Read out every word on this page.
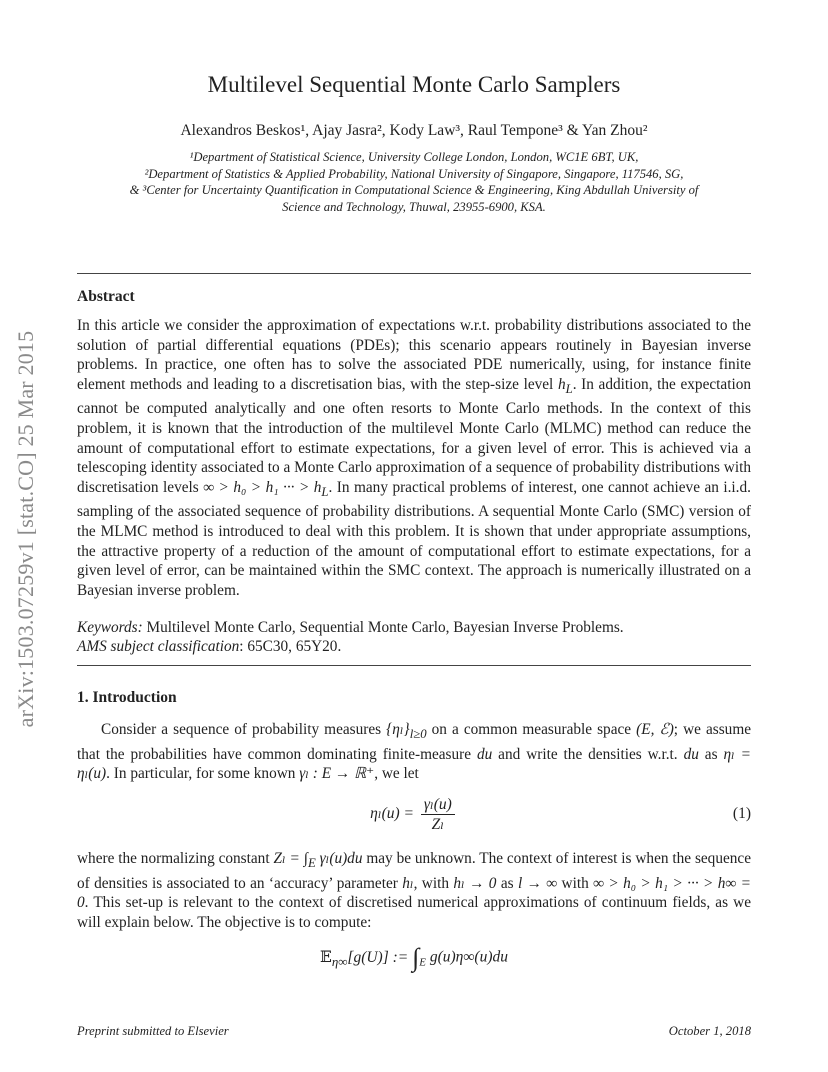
arXiv:1503.07259v1 [stat.CO] 25 Mar 2015
Multilevel Sequential Monte Carlo Samplers
Alexandros Beskos¹, Ajay Jasra², Kody Law³, Raul Tempone³ & Yan Zhou²
¹Department of Statistical Science, University College London, London, WC1E 6BT, UK,
²Department of Statistics & Applied Probability, National University of Singapore, Singapore, 117546, SG,
& ³Center for Uncertainty Quantification in Computational Science & Engineering, King Abdullah University of
Science and Technology, Thuwal, 23955-6900, KSA.
Abstract

In this article we consider the approximation of expectations w.r.t. probability distributions associated to the solution of partial differential equations (PDEs); this scenario appears routinely in Bayesian inverse problems. In practice, one often has to solve the associated PDE numerically, using, for instance finite element methods and leading to a discretisation bias, with the step-size level $h_L$. In addition, the expectation cannot be computed analytically and one often resorts to Monte Carlo methods. In the context of this problem, it is known that the introduction of the multilevel Monte Carlo (MLMC) method can reduce the amount of computational effort to estimate expectations, for a given level of error. This is achieved via a telescoping identity associated to a Monte Carlo approximation of a sequence of probability distributions with discretisation levels ∞ > h₀ > h₁ ··· > $h_L$. In many practical problems of interest, one cannot achieve an i.i.d. sampling of the associated sequence of probability distributions. A sequential Monte Carlo (SMC) version of the MLMC method is introduced to deal with this problem. It is shown that under appropriate assumptions, the attractive property of a reduction of the amount of computational effort to estimate expectations, for a given level of error, can be maintained within the SMC context. The approach is numerically illustrated on a Bayesian inverse problem.

Keywords: Multilevel Monte Carlo, Sequential Monte Carlo, Bayesian Inverse Problems.
AMS subject classification: 65C30, 65Y20.
1. Introduction

Consider a sequence of probability measures $\{\eta_l\}_{l\ge 0}$ on a common measurable space (E, ℰ); we assume that the probabilities have common dominating finite-measure du and write the densities w.r.t. du as ηₗ = ηₗ(u). In particular, for some known γₗ : E → ℝ⁺, we let

$\eta_l(u) = \frac{\text{γₗ(u)}}{\text{Zₗ}}$	(1)

where the normalizing constant $Z_l = \int_E$ γₗ(u)du may be unknown. The context of interest is when the sequence of densities is associated to an ‘accuracy’ parameter hₗ, with hₗ → 0 as l → ∞ with ∞ > h₀ > h₁ > ··· > h∞ = 0. This set-up is relevant to the context of discretised numerical approximations of continuum fields, as we will explain below. The objective is to compute:

𝔼$_{\eta\infty}$[g(U)] := $\int_E$ g(u)η∞(u)du
Preprint submitted to Elsevier	October 1, 2018
